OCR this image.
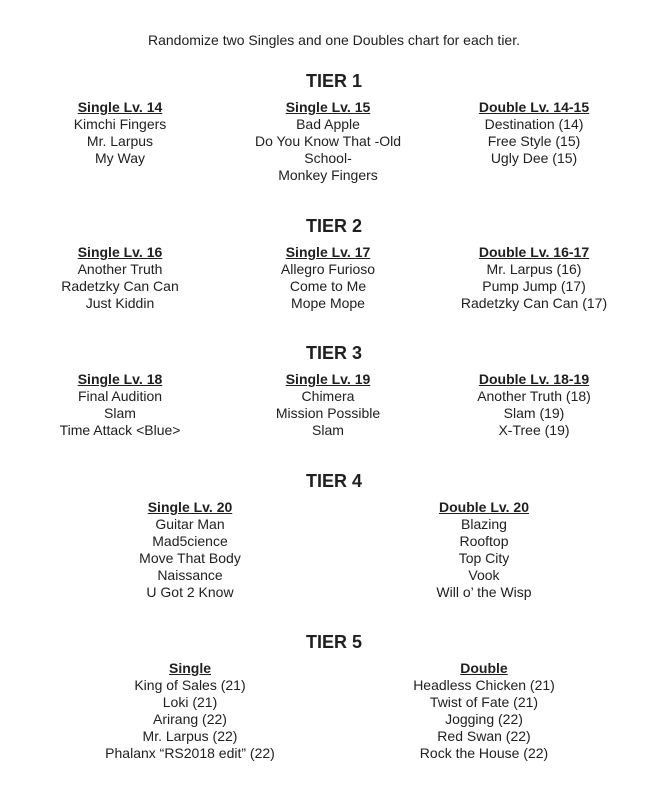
Randomize two Singles and one Doubles chart for each tier.
TIER 1
Single Lv. 14
Kimchi Fingers
Mr. Larpus
My Way
Single Lv. 15
Bad Apple
Do You Know That -Old
School-
Monkey Fingers
Double Lv. 14-15
Destination (14)
Free Style (15)
Ugly Dee (15)
TIER 2
Single Lv. 16
Another Truth
Radetzky Can Can
Just Kiddin
Single Lv. 17
Allegro Furioso
Come to Me
Mope Mope
Double Lv. 16-17
Mr. Larpus (16)
Pump Jump (17)
Radetzky Can Can (17)
TIER 3
Single Lv. 18
Final Audition
Slam
Time Attack <Blue>
Single Lv. 19
Chimera
Mission Possible
Slam
Double Lv. 18-19
Another Truth (18)
Slam (19)
X-Tree (19)
TIER 4
Single Lv. 20
Guitar Man
Mad5cience
Move That Body
Naissance
U Got 2 Know
Double Lv. 20
Blazing
Rooftop
Top City
Vook
Will o’ the Wisp
TIER 5
Single
King of Sales (21)
Loki (21)
Arirang (22)
Mr. Larpus (22)
Phalanx “RS2018 edit” (22)
Double
Headless Chicken (21)
Twist of Fate (21)
Jogging (22)
Red Swan (22)
Rock the House (22)
